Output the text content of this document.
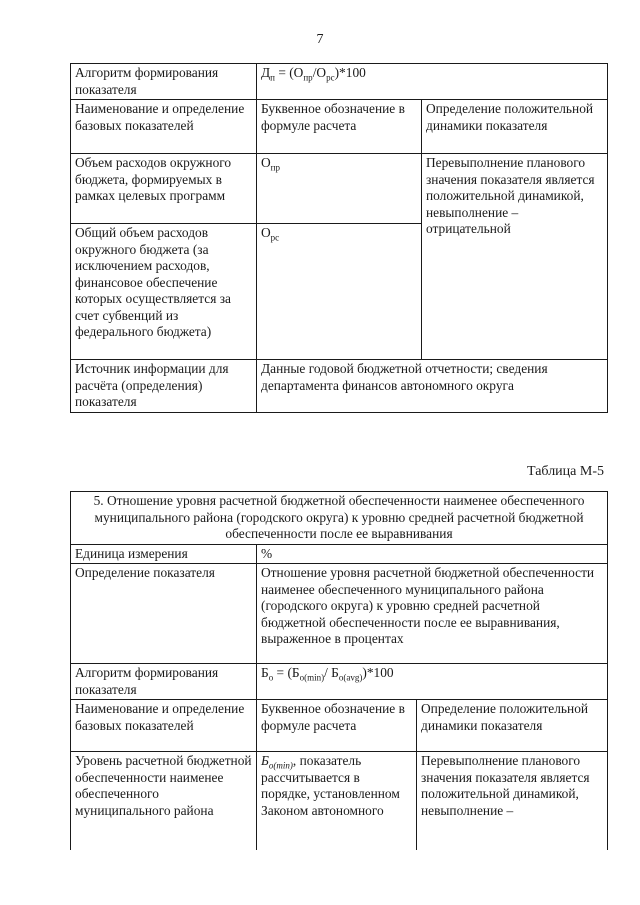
7
Алгоритм формирования показателя	$Д_п = (О_{пр}/О_{рс})*100$	
Наименование и определение базовых показателей	Буквенное обозначение в формуле расчета	Определение положительной динамики показателя
Объем расходов окружного бюджета, формируемых в рамках целевых программ	$О_{пр}$	Перевыполнение планового значения показателя является положительной динамикой, невыполнение – отрицательной
Общий объем расходов окружного бюджета (за исключением расходов, финансовое обеспечение которых осуществляется за счет субвенций из федерального бюджета)	$О_{рс}$
Источник информации для расчёта (определения) показателя	Данные годовой бюджетной отчетности; сведения департамента финансов автономного округа	
Таблица М-5
5. Отношение уровня расчетной бюджетной обеспеченности наименее обеспеченного муниципального района (городского округа) к уровню средней расчетной бюджетной обеспеченности после ее выравнивания		
Единица измерения	%	
Определение показателя	Отношение уровня расчетной бюджетной обеспеченности наименее обеспеченного муниципального района (городского округа) к уровню средней расчетной бюджетной обеспеченности после ее выравнивания, выраженное в процентах	
Алгоритм формирования показателя	$Б_о = (Б_{o(min)}/$ $Б_{o(avg)})*100$	
Наименование и определение базовых показателей	Буквенное обозначение в формуле расчета	Определение положительной динамики показателя
Уровень расчетной бюджетной обеспеченности наименее обеспеченного муниципального района	$Б_{o(min)}$, показатель рассчитывается в порядке, установленном Законом автономного	Перевыполнение планового значения показателя является положительной динамикой, невыполнение –
